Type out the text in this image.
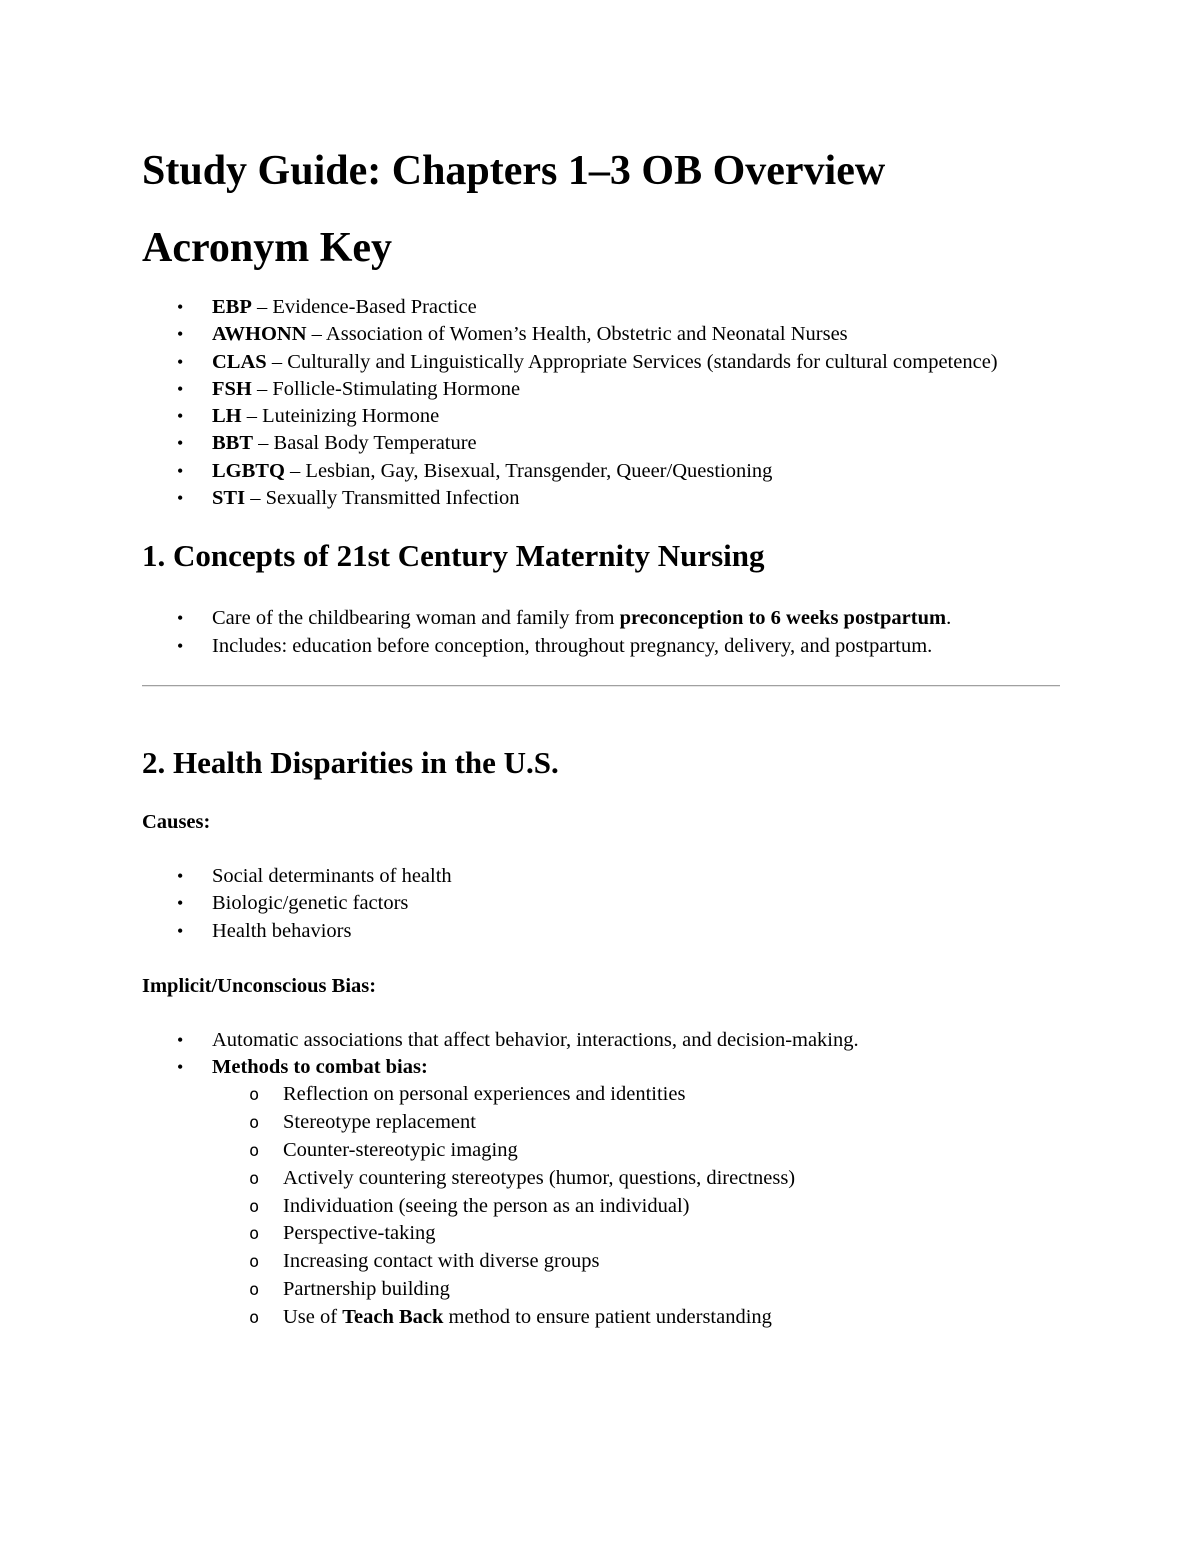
Study Guide: Chapters 1–3 OB Overview
Acronym Key
• EBP – Evidence-Based Practice
• AWHONN – Association of Women’s Health, Obstetric and Neonatal Nurses
• CLAS – Culturally and Linguistically Appropriate Services (standards for cultural competence)
• FSH – Follicle-Stimulating Hormone
• LH – Luteinizing Hormone
• BBT – Basal Body Temperature
• LGBTQ – Lesbian, Gay, Bisexual, Transgender, Queer/Questioning
• STI – Sexually Transmitted Infection
1. Concepts of 21st Century Maternity Nursing
• Care of the childbearing woman and family from preconception to 6 weeks postpartum.
• Includes: education before conception, throughout pregnancy, delivery, and postpartum.
2. Health Disparities in the U.S.

Causes:

• Social determinants of health
• Biologic/genetic factors
• Health behaviors

Implicit/Unconscious Bias:

• Automatic associations that affect behavior, interactions, and decision-making.
• Methods to combat bias:
o Reflection on personal experiences and identities
o Stereotype replacement
o Counter-stereotypic imaging
o Actively countering stereotypes (humor, questions, directness)
o Individuation (seeing the person as an individual)
o Perspective-taking
o Increasing contact with diverse groups
o Partnership building
o Use of Teach Back method to ensure patient understanding
